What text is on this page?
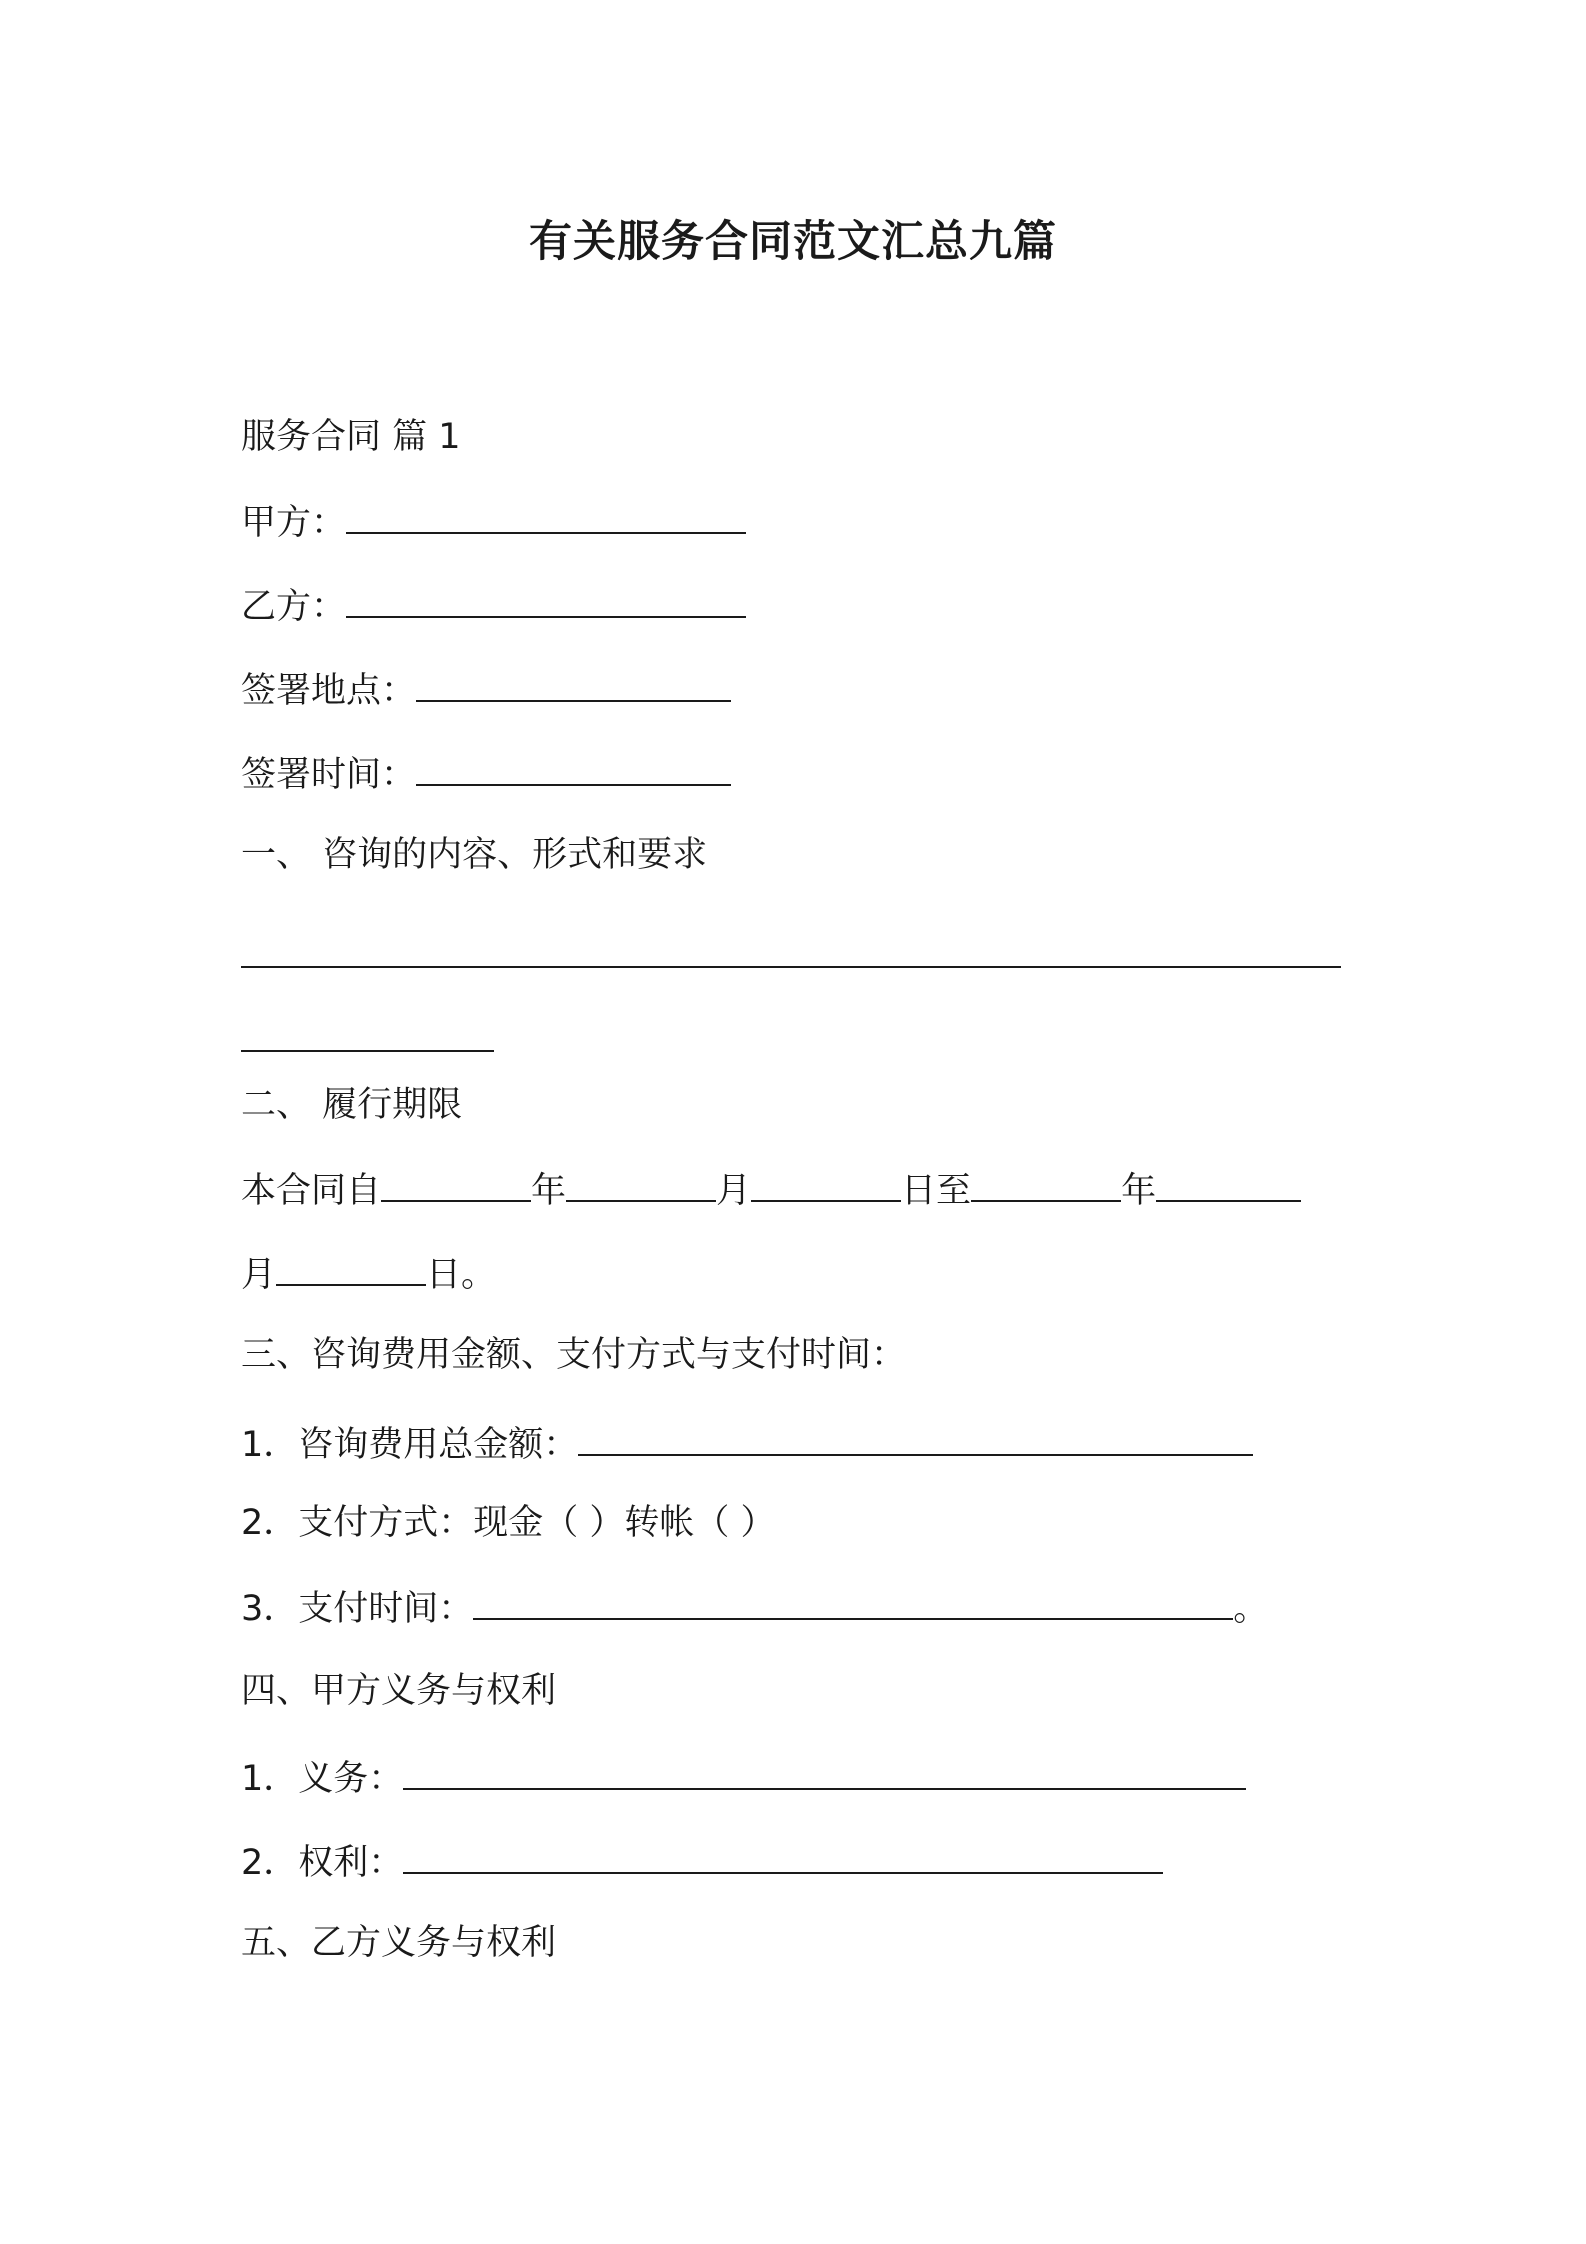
有关服务合同范文汇总九篇
服务合同 篇 1
甲方：
乙方：
签署地点：
签署时间：
一、 咨询的内容、形式和要求
二、 履行期限
本合同自	年	月	日至	年
月	日。
三、咨询费用金额、支付方式与支付时间：
1．咨询费用总金额：
2．支付方式：现金（ ）转帐（ ）
3．支付时间：	。
四、甲方义务与权利
1．义务：
2．权利：
五、乙方义务与权利
